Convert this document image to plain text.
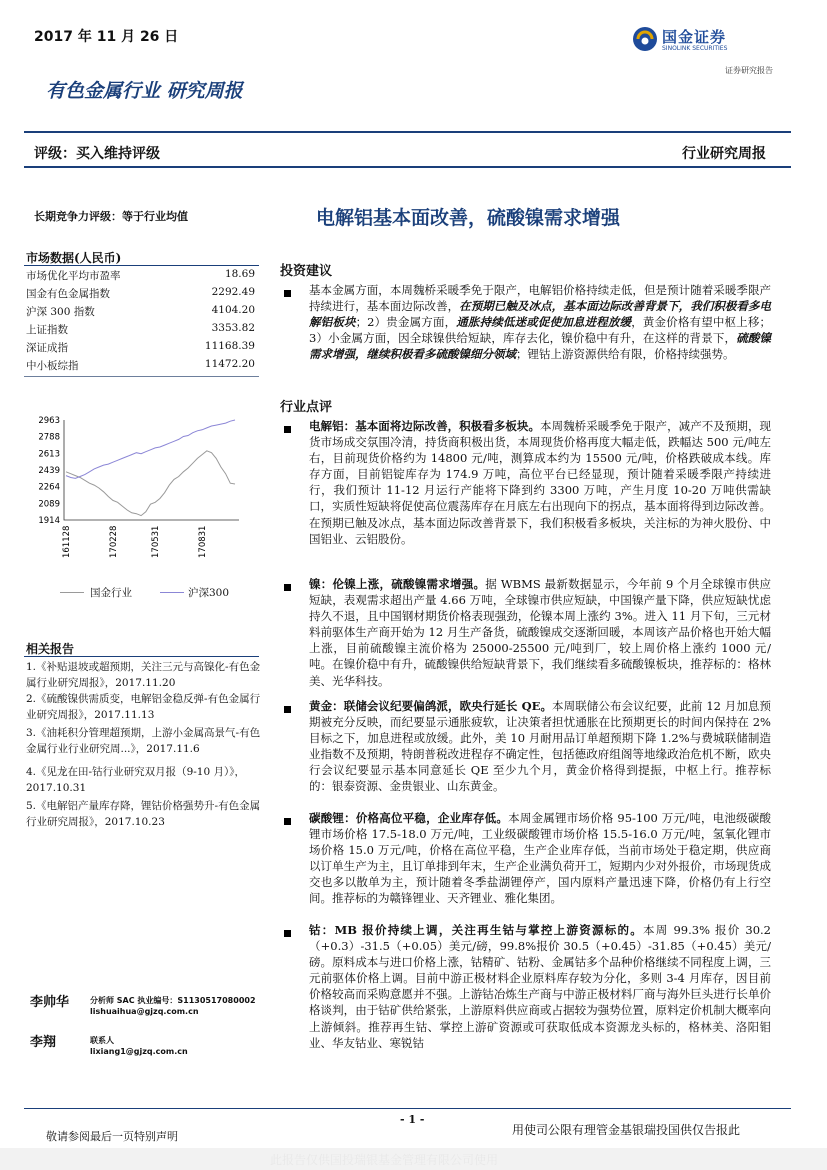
2017 年 11 月 26 日	国金证券
SINOLINK SECURITIES
证券研究报告
有色金属行业 研究周报
评级：买入维持评级	行业研究周报
长期竞争力评级：等于行业均值
市场数据(人民币)
市场优化平均市盈率	18.69
国金有色金属指数	2292.49
沪深 300 指数	4104.20
上证指数	3353.82
深证成指	11168.39
中小板综指	11472.20
2963
2788
2613
2439
2264
2089
1914
161128	170228	170531	170831
国金行业	沪深300
相关报告
1.《补贴退坡或超预期，关注三元与高镍化-有色金属行业研究周报》，2017.11.20
2.《硫酸镍供需质变，电解铝金稳反弹-有色金属行业研究周报》，2017.11.13
3.《油耗积分管理超预期，上游小金属高景气-有色金属行业行业研究周...》，2017.11.6
4.《见龙在田-钴行业研究双月报（9-10 月）》，2017.10.31
5.《电解铝产量库存降，锂钴价格强势升-有色金属行业研究周报》，2017.10.23
李帅华	分析师 SAC 执业编号：S1130517080002
lishuaihua@gjzq.com.cn
李翔	联系人
lixiang1@gjzq.com.cn
电解铝基本面改善，硫酸镍需求增强
投资建议
基本金属方面，本周魏桥采暖季免于限产，电解铝价格持续走低，但是预计随着采暖季限产持续进行，基本面边际改善，在预期已触及冰点，基本面边际改善背景下，我们积极看多电解铝板块；2）贵金属方面，通胀持续低迷或促使加息进程放缓，黄金价格有望中枢上移；3）小金属方面，因全球镍供给短缺，库存去化，镍价稳中有升，在这样的背景下，硫酸镍需求增强，继续积极看多硫酸镍细分领域；锂钴上游资源供给有限，价格持续强势。
行业点评
电解铝：基本面将边际改善，积极看多板块。本周魏桥采暖季免于限产，减产不及预期，现货市场成交氛围冷清，持货商积极出货，本周现货价格再度大幅走低，跌幅达 500 元/吨左右，目前现货价格约为 14800 元/吨，测算成本约为 15500 元/吨，价格跌破成本线。库存方面，目前铝锭库存为 174.9 万吨，高位平台已经显现，预计随着采暖季限产持续进行，我们预计 11-12 月运行产能将下降到约 3300 万吨，产生月度 10-20 万吨供需缺口，实质性短缺将促使高位震荡库存在月底左右出现向下的拐点，基本面将得到边际改善。在预期已触及冰点，基本面边际改善背景下，我们积极看多板块，关注标的为神火股份、中国铝业、云铝股份。
镍：伦镍上涨，硫酸镍需求增强。据 WBMS 最新数据显示，今年前 9 个月全球镍市供应短缺，表观需求超出产量 4.66 万吨，全球镍市供应短缺，中国镍产量下降，供应短缺忧虑持久不退，且中国钢材期货价格表现强劲，伦镍本周上涨约 3%。进入 11 月下旬，三元材料前驱体生产商开始为 12 月生产备货，硫酸镍成交逐渐回暖，本周该产品价格也开始大幅上涨，目前硫酸镍主流价格为 25000-25500 元/吨到厂，较上周价格上涨约 1000 元/吨。在镍价稳中有升，硫酸镍供给短缺背景下，我们继续看多硫酸镍板块，推荐标的：格林美、光华科技。
黄金：联储会议纪要偏鸽派，欧央行延长 QE。本周联储公布会议纪要，此前 12 月加息预期被充分反映，而纪要显示通胀疲软，让决策者担忧通胀在比预期更长的时间内保持在 2%目标之下，加息进程或放缓。此外，美 10 月耐用品订单超预期下降 1.2%与费城联储制造业指数不及预期，特朗普税改进程存不确定性，包括德政府组阁等地缘政治危机不断，欧央行会议纪要显示基本同意延长 QE 至少九个月，黄金价格得到提振，中枢上行。推荐标的：银泰资源、金贵银业、山东黄金。
碳酸锂：价格高位平稳，企业库存低。本周金属锂市场价格 95-100 万元/吨，电池级碳酸锂市场价格 17.5-18.0 万元/吨，工业级碳酸锂市场价格 15.5-16.0 万元/吨，氢氧化锂市场价格 15.0 万元/吨，价格在高位平稳，生产企业库存低，当前市场处于稳定期，供应商以订单生产为主，且订单排到年末，生产企业满负荷开工，短期内少对外报价，市场现货成交也多以散单为主，预计随着冬季盐湖锂停产，国内原料产量迅速下降，价格仍有上行空间。推荐标的为赣锋锂业、天齐锂业、雅化集团。
钴：MB 报价持续上调，关注再生钴与掌控上游资源标的。本周 99.3% 报价 30.2（+0.3）-31.5（+0.05）美元/磅，99.8%报价 30.5（+0.45）-31.85（+0.45）美元/磅。原料成本与进口价格上涨，钴精矿、钴粉、金属钴多个品种价格继续不同程度上调，三元前驱体价格上调。目前中游正极材料企业原料库存较为分化，多则 3-4 月库存，因目前价格较高而采购意愿并不强。上游钴冶炼生产商与中游正极材料厂商与海外巨头进行长单价格谈判，由于钴矿供给紧张，上游原料供应商或占据较为强势位置，原料定价机制大概率向上游倾斜。推荐再生钴、掌控上游矿资源或可获取低成本资源龙头标的，格林美、洛阳钼业、华友钴业、寒锐钴
- 1 -
敬请参阅最后一页特别声明	用使司公限有理管金基银瑞投国供仅告报此
此报告仅供国投瑞银基金管理有限公司使用
